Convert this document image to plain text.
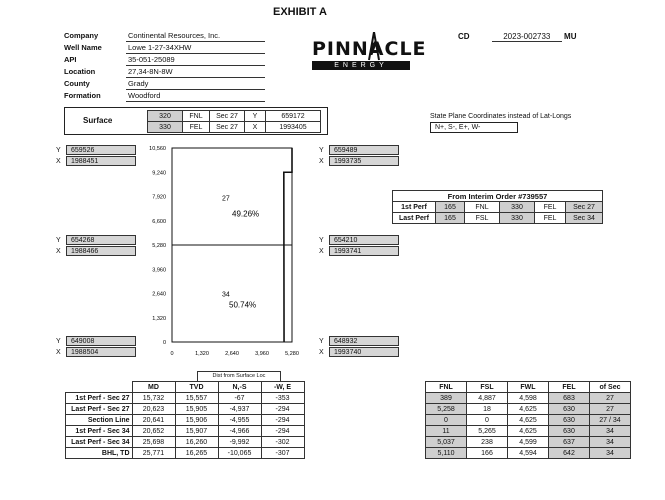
EXHIBIT A
CD	2023-002733 MU
Company	Continental Resources, Inc.
Well Name	Lowe 1-27-34XHW
API	35-051-25089
Location	27,34-8N-8W
County	Grady
Formation	Woodford
PINNACLE
ENERGY
Surface	320	FNL	Sec 27	Y	659172
330	FEL	Sec 27	X	1993405
State Plane Coordinates instead of Lat-Longs
N+, S-, E+, W-
Y 659526
X 1988451
Y 659489
X 1993735
Y 654268
X 1988466
Y 654210
X 1993741
Y 649008
X 1988504
Y 648932
X 1993740
From Interim Order #739557					
1st Perf	165	FNL	330	FEL	Sec 27
Last Perf	165	FSL	330	FEL	Sec 34
10,560
9,240
7,920
6,600
5,280
3,960
2,640
1,320
0
0	1,320	2,640	3,960	5,280
27
49.26%
34
50.74%
Dist from Surface Loc
	MD	TVD	N,-S	-W, E
1st Perf - Sec 27	15,732	15,557	-67	-353
Last Perf - Sec 27	20,623	15,905	-4,937	-294
Section Line	20,641	15,906	-4,955	-294
1st Perf - Sec 34	20,652	15,907	-4,966	-294
Last Perf - Sec 34	25,698	16,260	-9,992	-302
BHL, TD	25,771	16,265	-10,065	-307
FNL	FSL	FWL	FEL	of Sec
389	4,887	4,598	683	27
5,258	18	4,625	630	27
0	0	4,625	630	27 / 34
11	5,265	4,625	630	34
5,037	238	4,599	637	34
5,110	166	4,594	642	34
